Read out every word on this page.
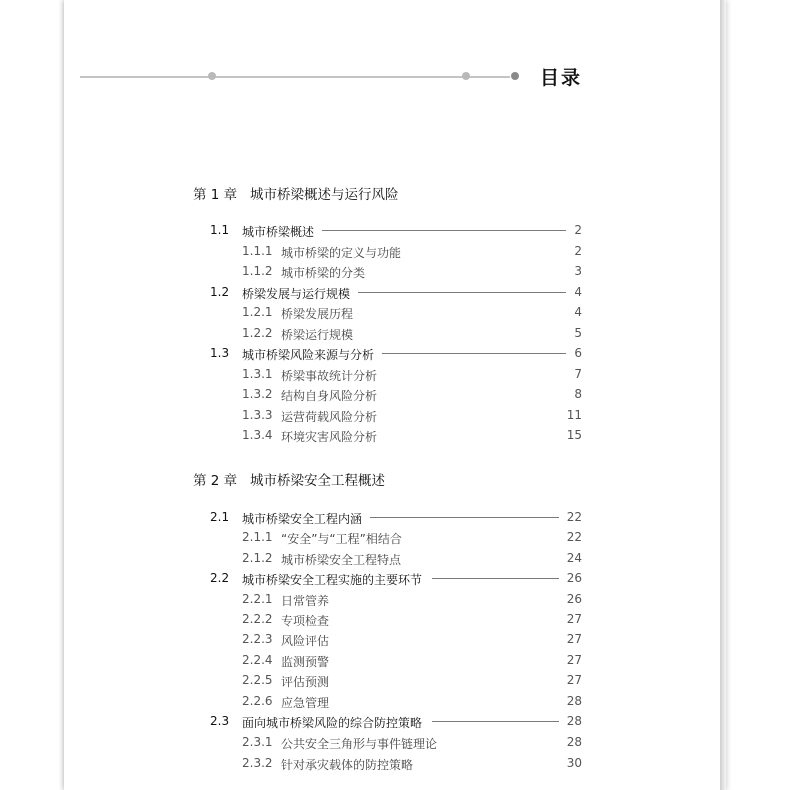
目录
第 1 章 城市桥梁概述与运行风险
1.1 城市桥梁概述	2
1.1.1 城市桥梁的定义与功能	2
1.1.2 城市桥梁的分类	3
1.2 桥梁发展与运行规模	4
1.2.1 桥梁发展历程	4
1.2.2 桥梁运行规模	5
1.3 城市桥梁风险来源与分析	6
1.3.1 桥梁事故统计分析	7
1.3.2 结构自身风险分析	8
1.3.3 运营荷载风险分析	11
1.3.4 环境灾害风险分析	15
第 2 章 城市桥梁安全工程概述
2.1 城市桥梁安全工程内涵	22
2.1.1 “安全”与“工程”相结合	22
2.1.2 城市桥梁安全工程特点	24
2.2 城市桥梁安全工程实施的主要环节	26
2.2.1 日常管养	26
2.2.2 专项检查	27
2.2.3 风险评估	27
2.2.4 监测预警	27
2.2.5 评估预测	27
2.2.6 应急管理	28
2.3 面向城市桥梁风险的综合防控策略	28
2.3.1 公共安全三角形与事件链理论	28
2.3.2 针对承灾载体的防控策略	30
